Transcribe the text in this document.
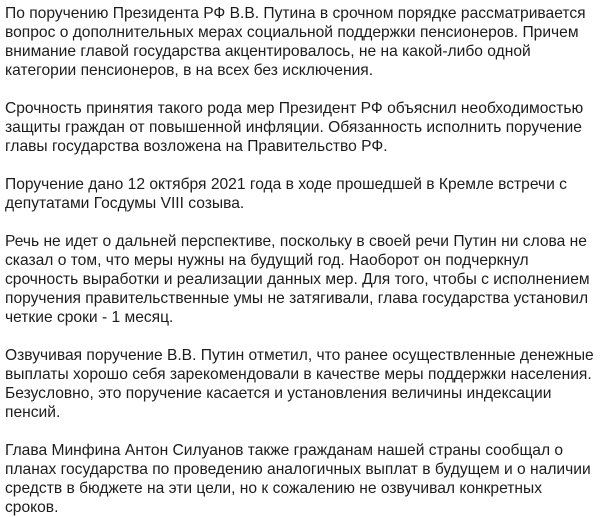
По поручению Президента РФ В.В. Путина в срочном порядке рассматривается вопрос о дополнительных мерах социальной поддержки пенсионеров. Причем внимание главой государства акцентировалось, не на какой-либо одной категории пенсионеров, в на всех без исключения.

Срочность принятия такого рода мер Президент РФ объяснил необходимостью защиты граждан от повышенной инфляции. Обязанность исполнить поручение главы государства возложена на Правительство РФ.

Поручение дано 12 октября 2021 года в ходе прошедшей в Кремле встречи с депутатами Госдумы VIII созыва.

Речь не идет о дальней перспективе, поскольку в своей речи Путин ни слова не сказал о том, что меры нужны на будущий год. Наоборот он подчеркнул срочность выработки и реализации данных мер. Для того, чтобы с исполнением поручения правительственные умы не затягивали, глава государства установил четкие сроки - 1 месяц.

Озвучивая поручение В.В. Путин отметил, что ранее осуществленные денежные выплаты хорошо себя зарекомендовали в качестве меры поддержки населения. Безусловно, это поручение касается и установления величины индексации пенсий.

Глава Минфина Антон Силуанов также гражданам нашей страны сообщал о планах государства по проведению аналогичных выплат в будущем и о наличии средств в бюджете на эти цели, но к сожалению не озвучивал конкретных сроков.
